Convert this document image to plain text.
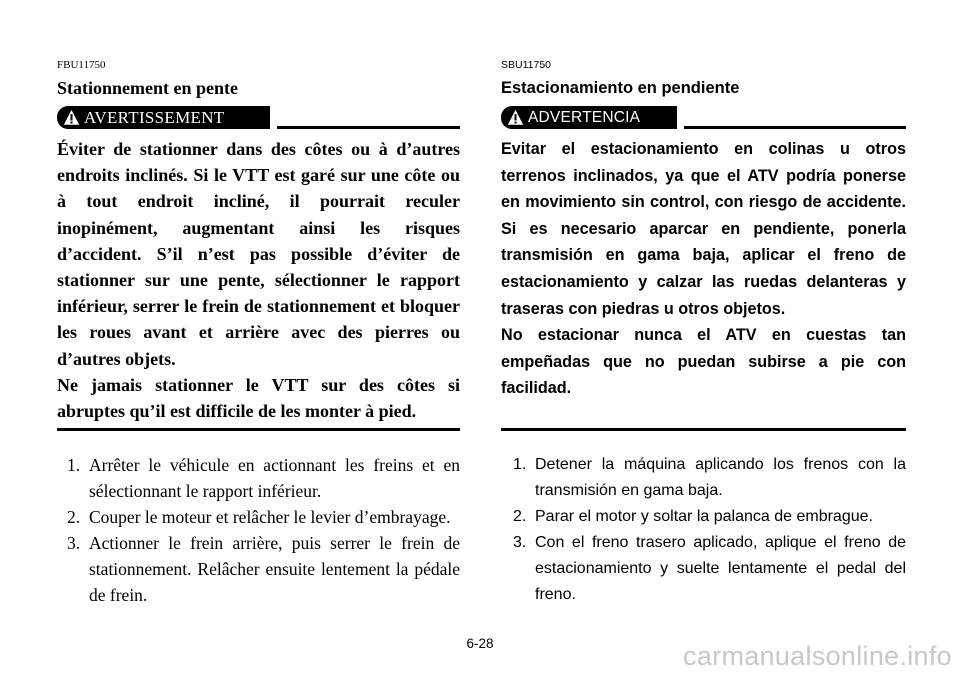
FBU11750
Stationnement en pente
AVERTISSEMENT

Éviter de stationner dans des côtes ou à d’autres endroits inclinés. Si le VTT est garé sur une côte ou à tout endroit incliné, il pourrait reculer inopinément, augmentant ainsi les risques d’accident. S’il n’est pas possible d’éviter de stationner sur une pente, sélectionner le rapport inférieur, serrer le frein de stationnement et bloquer les roues avant et arrière avec des pierres ou d’autres objets.

Ne jamais stationner le VTT sur des côtes si abruptes qu’il est difficile de les monter à pied.

1. Arrêter le véhicule en actionnant les freins et en sélectionnant le rapport inférieur.
2. Couper le moteur et relâcher le levier d’embrayage.
3. Actionner le frein arrière, puis serrer le frein de stationnement. Relâcher ensuite lentement la pédale de frein.
SBU11750
Estacionamiento en pendiente
ADVERTENCIA

Evitar el estacionamiento en colinas u otros terrenos inclinados, ya que el ATV podría ponerse en movimiento sin control, con riesgo de accidente. Si es necesario aparcar en pendiente, ponerla transmisión en gama baja, aplicar el freno de estacionamiento y calzar las ruedas delanteras y traseras con piedras u otros objetos.

No estacionar nunca el ATV en cuestas tan empeñadas que no puedan subirse a pie con facilidad.

1. Detener la máquina aplicando los frenos con la transmisión en gama baja.
2. Parar el motor y soltar la palanca de embrague.
3. Con el freno trasero aplicado, aplique el freno de estacionamiento y suelte lentamente el pedal del freno.
6-28	carmanualsonline.info
